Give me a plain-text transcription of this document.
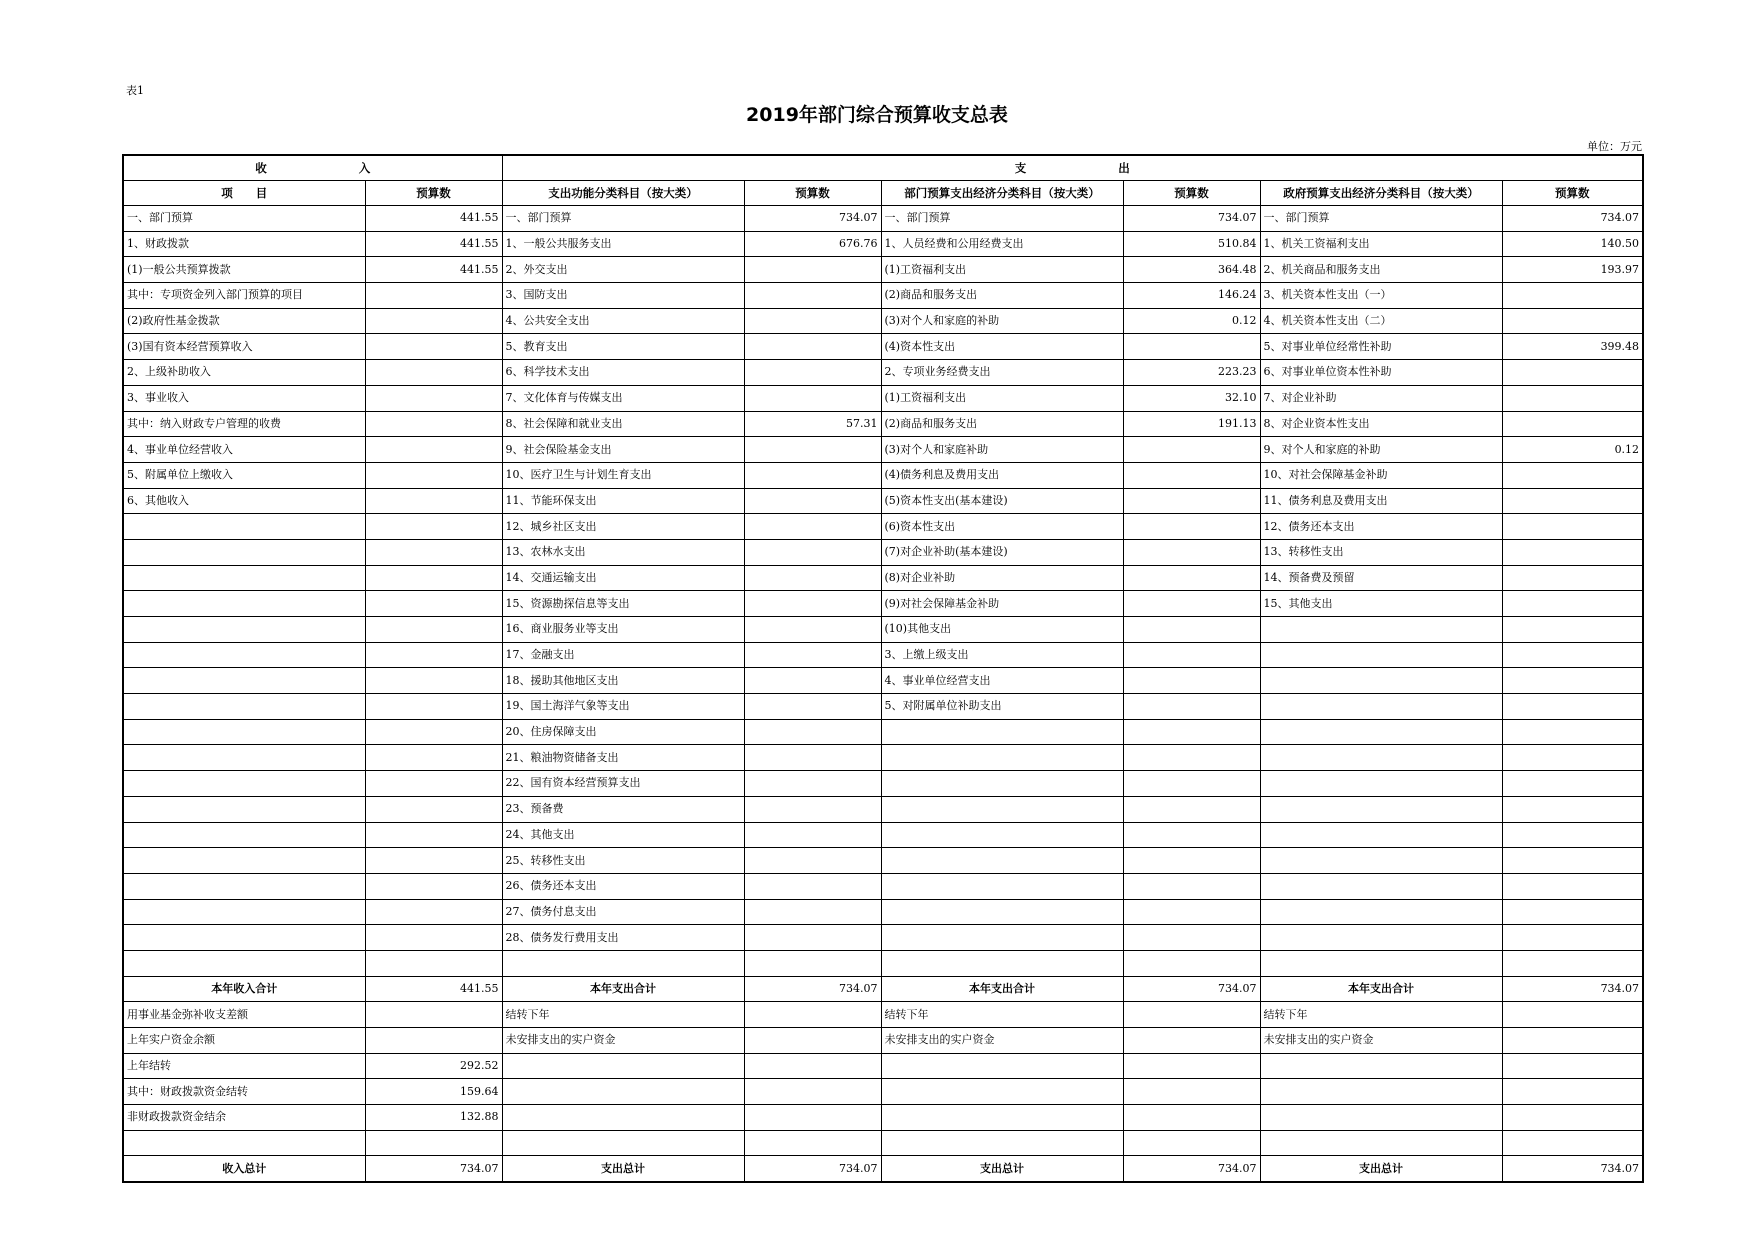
表1
2019年部门综合预算收支总表
单位：万元
收　　　　　　　　入		支　　　　　　　　出					
项　　目	预算数	支出功能分类科目（按大类）	预算数	部门预算支出经济分类科目（按大类）	预算数	政府预算支出经济分类科目（按大类）	预算数
一、部门预算	441.55	一、部门预算	734.07	一、部门预算	734.07	一、部门预算	734.07
1、财政拨款	441.55	1、一般公共服务支出	676.76	1、人员经费和公用经费支出	510.84	1、机关工资福利支出	140.50
(1)一般公共预算拨款	441.55	2、外交支出		(1)工资福利支出	364.48	2、机关商品和服务支出	193.97
其中：专项资金列入部门预算的项目		3、国防支出		(2)商品和服务支出	146.24	3、机关资本性支出（一）	
(2)政府性基金拨款		4、公共安全支出		(3)对个人和家庭的补助	0.12	4、机关资本性支出（二）	
(3)国有资本经营预算收入		5、教育支出		(4)资本性支出		5、对事业单位经常性补助	399.48
2、上级补助收入		6、科学技术支出		2、专项业务经费支出	223.23	6、对事业单位资本性补助	
3、事业收入		7、文化体育与传媒支出		(1)工资福利支出	32.10	7、对企业补助	
其中：纳入财政专户管理的收费		8、社会保障和就业支出	57.31	(2)商品和服务支出	191.13	8、对企业资本性支出	
4、事业单位经营收入		9、社会保险基金支出		(3)对个人和家庭补助		9、对个人和家庭的补助	0.12
5、附属单位上缴收入		10、医疗卫生与计划生育支出		(4)债务利息及费用支出		10、对社会保障基金补助	
6、其他收入		11、节能环保支出		(5)资本性支出(基本建设)		11、债务利息及费用支出	
		12、城乡社区支出		(6)资本性支出		12、债务还本支出	
		13、农林水支出		(7)对企业补助(基本建设)		13、转移性支出	
		14、交通运输支出		(8)对企业补助		14、预备费及预留	
		15、资源勘探信息等支出		(9)对社会保障基金补助		15、其他支出	
		16、商业服务业等支出		(10)其他支出			
		17、金融支出		3、上缴上级支出			
		18、援助其他地区支出		4、事业单位经营支出			
		19、国土海洋气象等支出		5、对附属单位补助支出			
		20、住房保障支出					
		21、粮油物资储备支出					
		22、国有资本经营预算支出					
		23、预备费					
		24、其他支出					
		25、转移性支出					
		26、债务还本支出					
		27、债务付息支出					
		28、债务发行费用支出					

本年收入合计	441.55	本年支出合计	734.07	本年支出合计	734.07	本年支出合计	734.07
用事业基金弥补收支差额		结转下年		结转下年		结转下年	
上年实户资金余额		未安排支出的实户资金		未安排支出的实户资金		未安排支出的实户资金	
上年结转	292.52						
其中：财政拨款资金结转	159.64						
非财政拨款资金结余	132.88						

收入总计	734.07	支出总计	734.07	支出总计	734.07	支出总计	734.07
